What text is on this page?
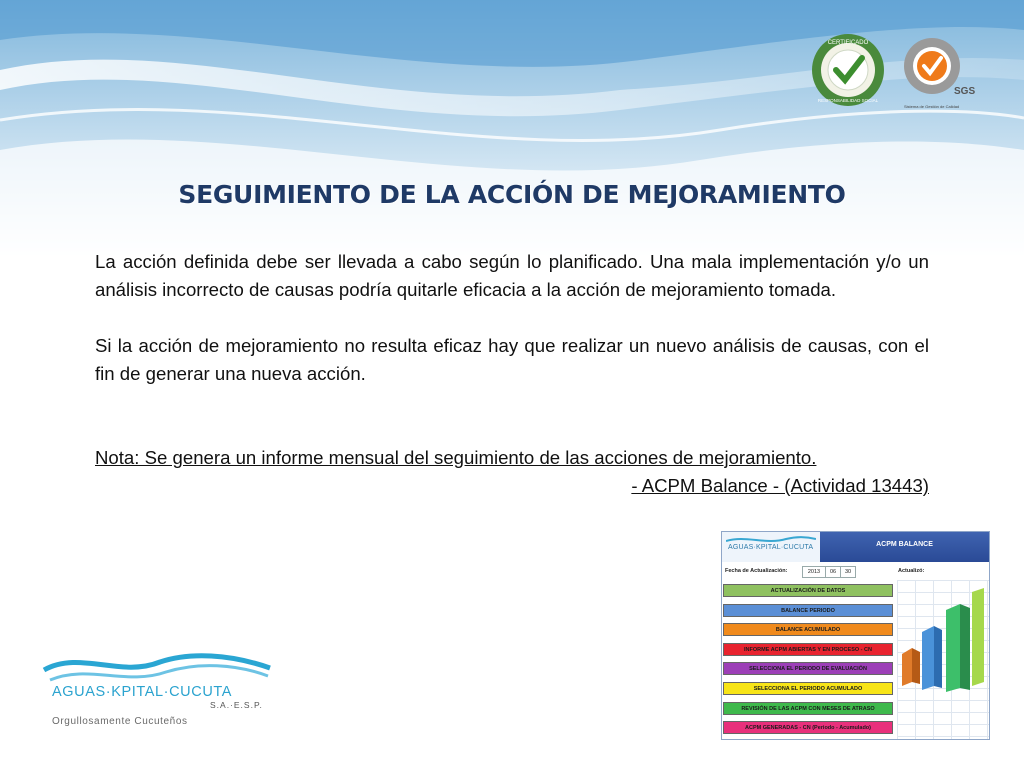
CERTIFICADO
RESPONSABILIDAD SOCIAL
SGS
Sistema de Gestión de Calidad
SEGUIMIENTO DE LA ACCIÓN DE MEJORAMIENTO

La acción definida debe ser llevada a cabo según lo planificado. Una mala implementación y/o un análisis incorrecto de causas podría quitarle eficacia a la acción de mejoramiento tomada.

Si la acción de mejoramiento no resulta eficaz hay que realizar un nuevo análisis de causas, con el fin de generar una nueva acción.

Nota: Se genera un informe mensual del seguimiento de las acciones de mejoramiento.

- ACPM Balance - (Actividad 13443)

AGUAS·KPITAL·CUCUTA	ACPM BALANCE
Fecha de Actualización:	2013	06	30	Actualizó:
ACTUALIZACIÓN DE DATOS
BALANCE PERIODO
BALANCE ACUMULADO
INFORME ACPM ABIERTAS Y EN PROCESO - CN
SELECCIONA EL PERIODO DE EVALUACIÓN
SELECCIONA EL PERIODO ACUMULADO
REVISIÓN DE LAS ACPM CON MESES DE ATRASO
ACPM GENERADAS - CN (Periodo - Acumulado)
AGUAS·KPITAL·CUCUTA
S.A.·E.S.P.
Orgullosamente Cucuteños
